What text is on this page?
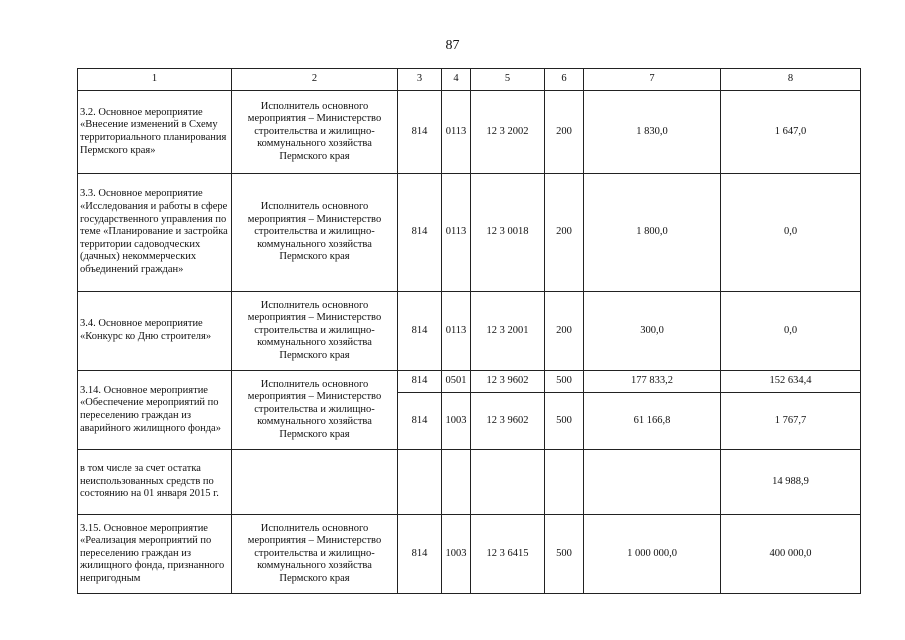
87
1	2	3	4	5	6	7	8
3.2. Основное мероприятие «Внесение изменений в Схему территориального планирования Пермского края»	Исполнитель основного мероприятия – Министерство строительства и жилищно-коммунального хозяйства Пермского края	814	0113	12 3 2002	200	1 830,0	1 647,0
3.3. Основное мероприятие «Исследования и работы в сфере государственного управления по теме «Планирование и застройка территории садоводческих (дачных) некоммерческих объединений граждан»	Исполнитель основного мероприятия – Министерство строительства и жилищно-коммунального хозяйства Пермского края	814	0113	12 3 0018	200	1 800,0	0,0
3.4. Основное мероприятие «Конкурс ко Дню строителя»	Исполнитель основного мероприятия – Министерство строительства и жилищно-коммунального хозяйства Пермского края	814	0113	12 3 2001	200	300,0	0,0
3.14. Основное мероприятие «Обеспечение мероприятий по переселению граждан из аварийного жилищного фонда»	Исполнитель основного мероприятия – Министерство строительства и жилищно-коммунального хозяйства Пермского края	814	0501	12 3 9602	500	177 833,2	152 634,4
		814	1003	12 3 9602	500	61 166,8	1 767,7
в том числе за счет остатка неиспользованных средств по состоянию на 01 января 2015 г.							14 988,9
3.15. Основное мероприятие «Реализация мероприятий по переселению граждан из жилищного фонда, признанного непригодным	Исполнитель основного мероприятия – Министерство строительства и жилищно-коммунального хозяйства Пермского края	814	1003	12 3 6415	500	1 000 000,0	400 000,0
